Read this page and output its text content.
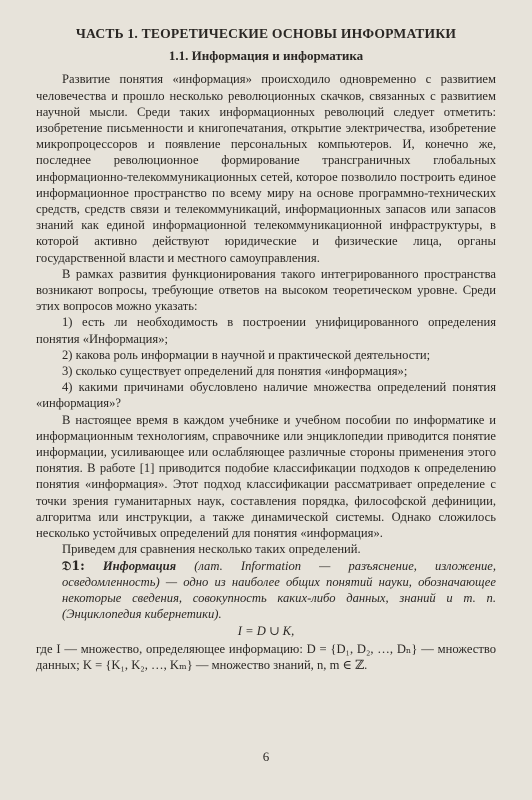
ЧАСТЬ 1. ТЕОРЕТИЧЕСКИЕ ОСНОВЫ ИНФОРМАТИКИ
1.1. Информация и информатика

Развитие понятия «информация» происходило одновременно с развитием человечества и прошло несколько революционных скачков, связанных с развитием научной мысли. Среди таких информационных революций следует отметить: изобретение письменности и книгопечатания, открытие электричества, изобретение микропроцессоров и появление персональных компьютеров. И, конечно же, последнее революционное формирование трансграничных глобальных информационно-телекоммуникационных сетей, которое позволило построить единое информационное пространство по всему миру на основе программно-технических средств, средств связи и телекоммуникаций, информационных запасов или запасов знаний как единой информационной телекоммуникационной инфраструктуры, в которой активно действуют юридические и физические лица, органы государственной власти и местного самоуправления.

В рамках развития функционирования такого интегрированного пространства возникают вопросы, требующие ответов на высоком теоретическом уровне. Среди этих вопросов можно указать:

1) есть ли необходимость в построении унифицированного определения понятия «Информация»;

2) какова роль информации в научной и практической деятельности;

3) сколько существует определений для понятия «информация»;

4) какими причинами обусловлено наличие множества определений понятия «информация»?

В настоящее время в каждом учебнике и учебном пособии по информатике и информационным технологиям, справочнике или энциклопедии приводится понятие информации, усиливающее или ослабляющее различные стороны применения этого понятия. В работе [1] приводится подобие классификации подходов к определению понятия «информация». Этот подход классификации рассматривает определение с точки зрения гуманитарных наук, составления порядка, философской дефиниции, алгоритма или инструкции, а также динамической системы. Однако сложилось несколько устойчивых определений для понятия «информация».

Приведем для сравнения несколько таких определений.

𝔇1: Информация (лат. Information — разъяснение, изложение, осведомленность) — одно из наиболее общих понятий науки, обозначающее некоторые сведения, совокупность каких-либо данных, знаний и т. п. (Энциклопедия кибернетики).

I = D ∪ K,

где I — множество, определяющее информацию: D = {D₁, D₂, …, Dₙ} — множество данных; K = {K₁, K₂, …, Kₘ} — множество знаний, n, m ∈ ℤ.

6
